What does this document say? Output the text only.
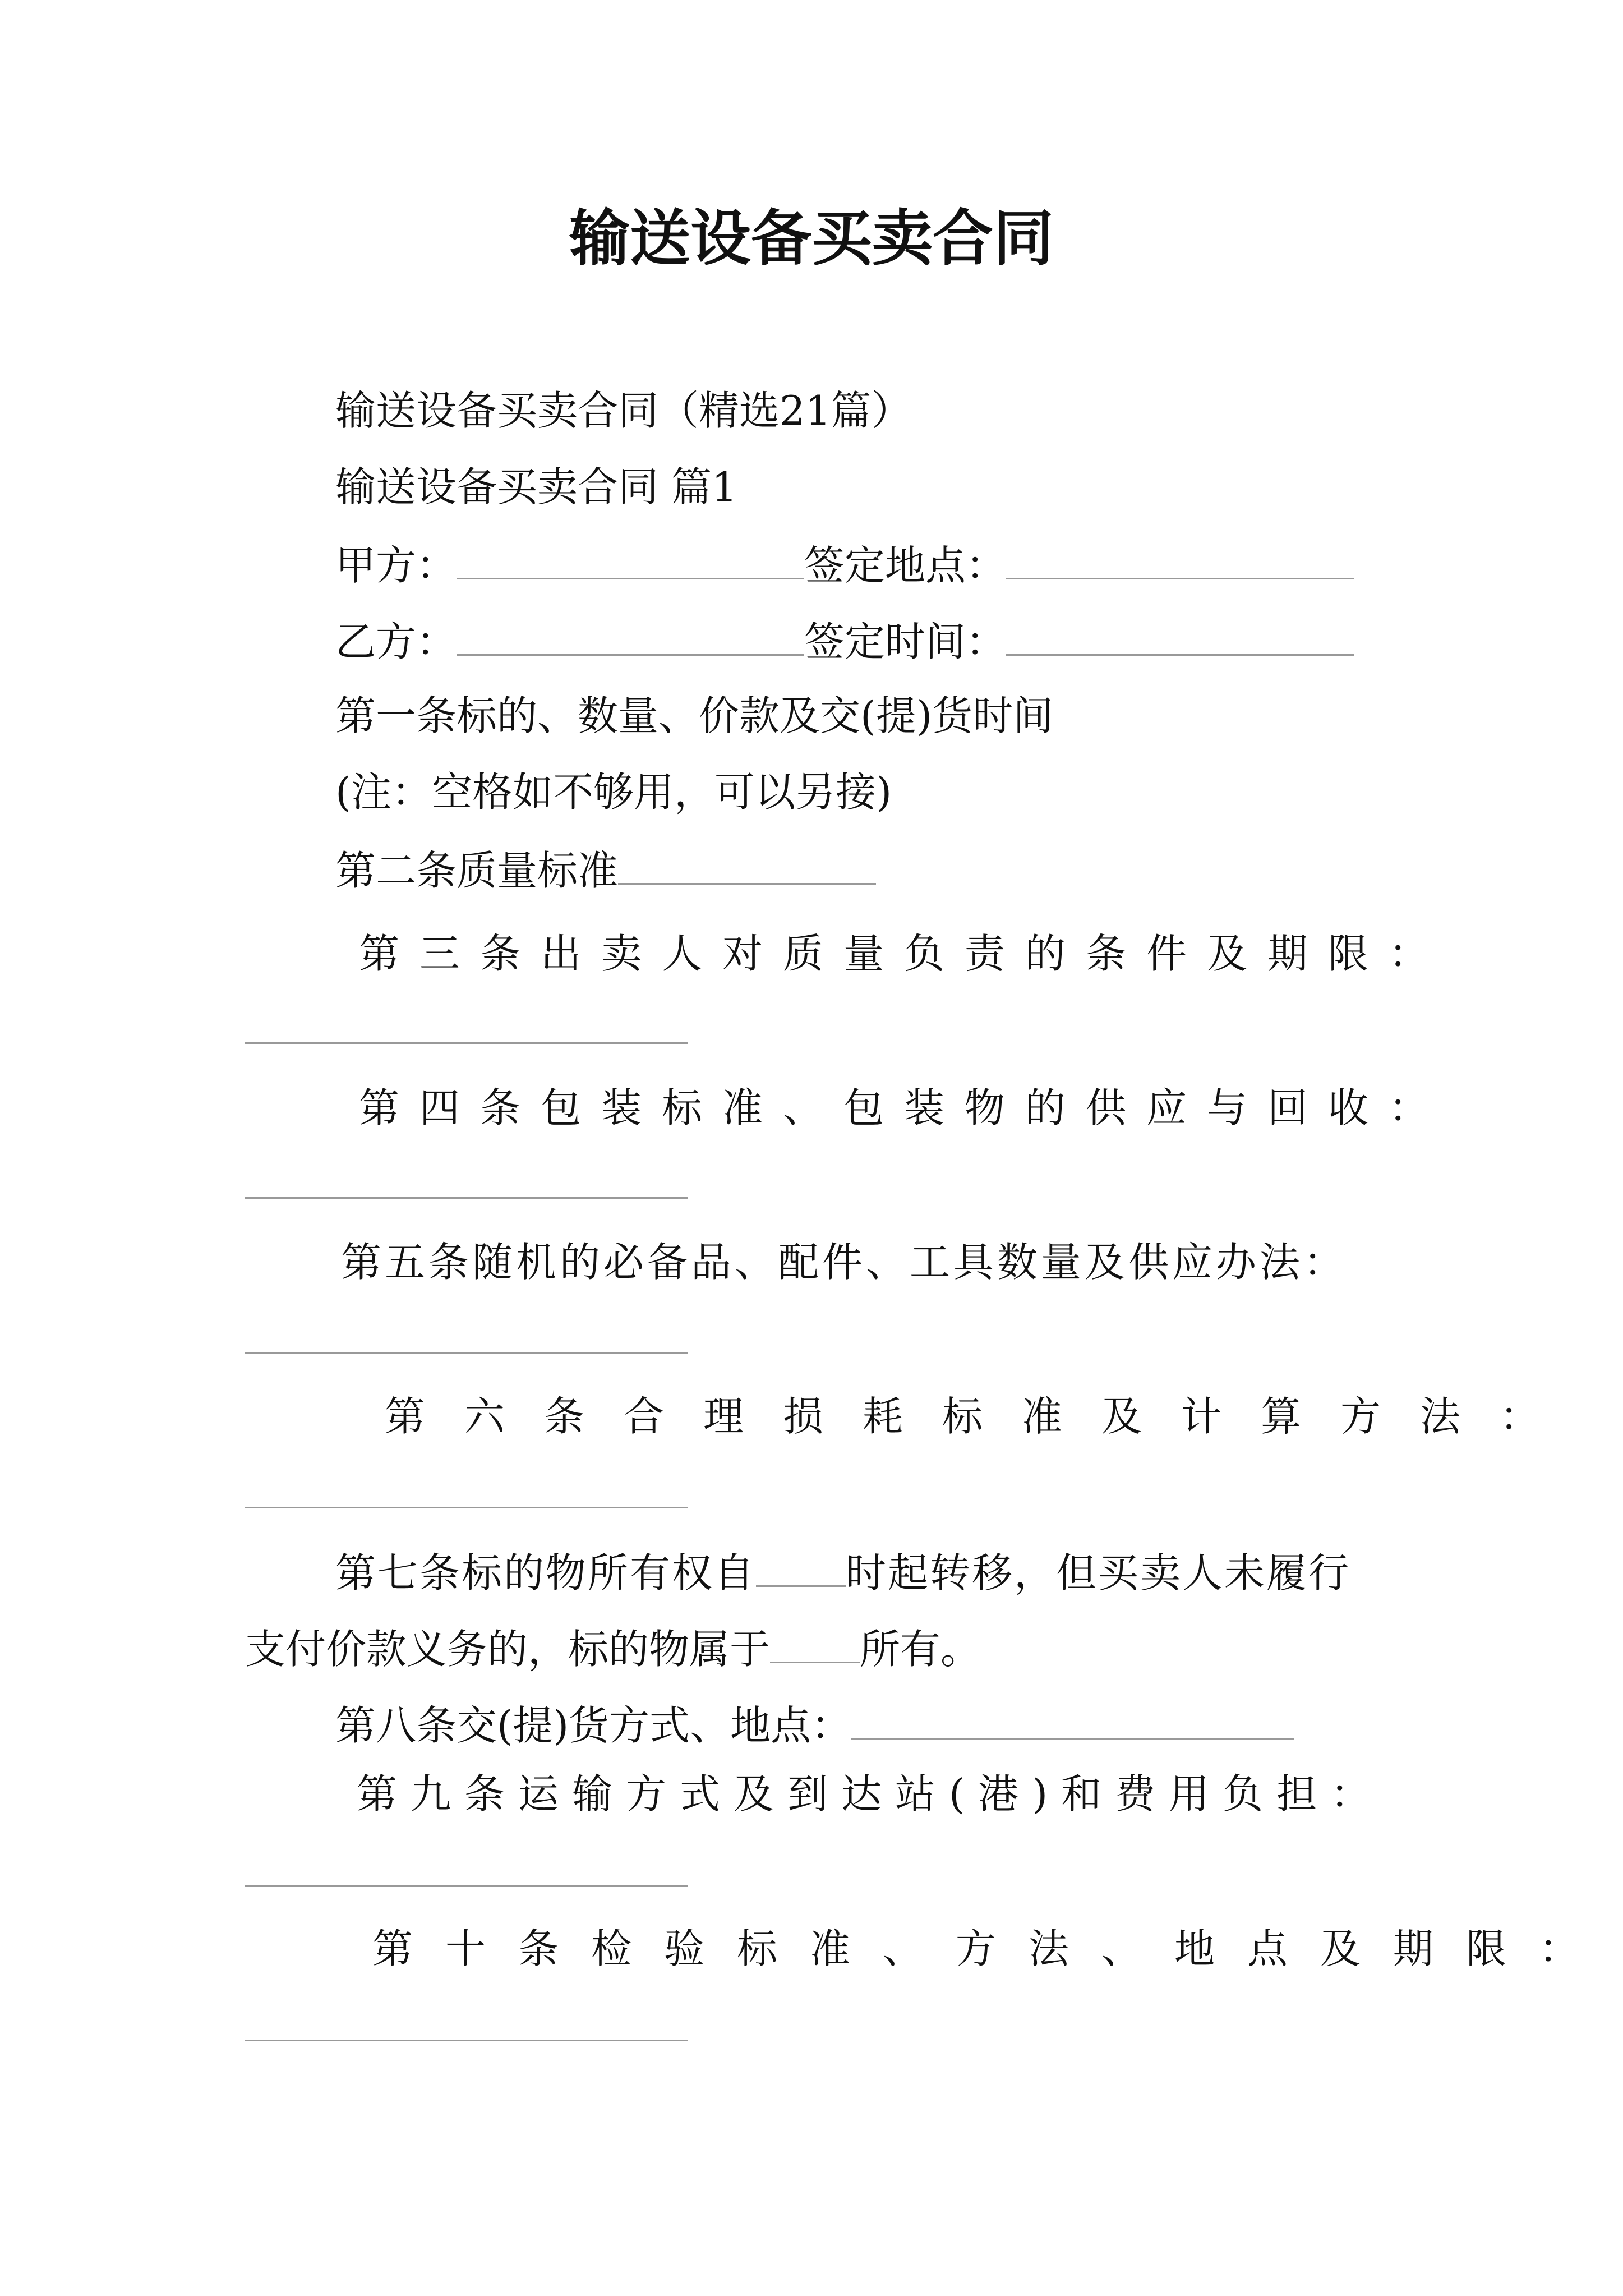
输送设备买卖合同
输送设备买卖合同（精选21篇）
输送设备买卖合同 篇1
甲方：	签定地点：
乙方：	签定时间：
第一条标的、数量、价款及交(提)货时间
(注：空格如不够用，可以另接)
第二条质量标准
第三条出卖人对质量负责的条件及期限：
第四条包装标准、包装物的供应与回收：
第五条随机的必备品、配件、工具数量及供应办法：
第六条合理损耗标准及计算方法：
第七条标的物所有权自 时起转移，但买卖人未履行
支付价款义务的，标的物属于 所有。
第八条交(提)货方式、地点：
第九条运输方式及到达站(港)和费用负担：
第十条检验标准、方法、地点及期限：
